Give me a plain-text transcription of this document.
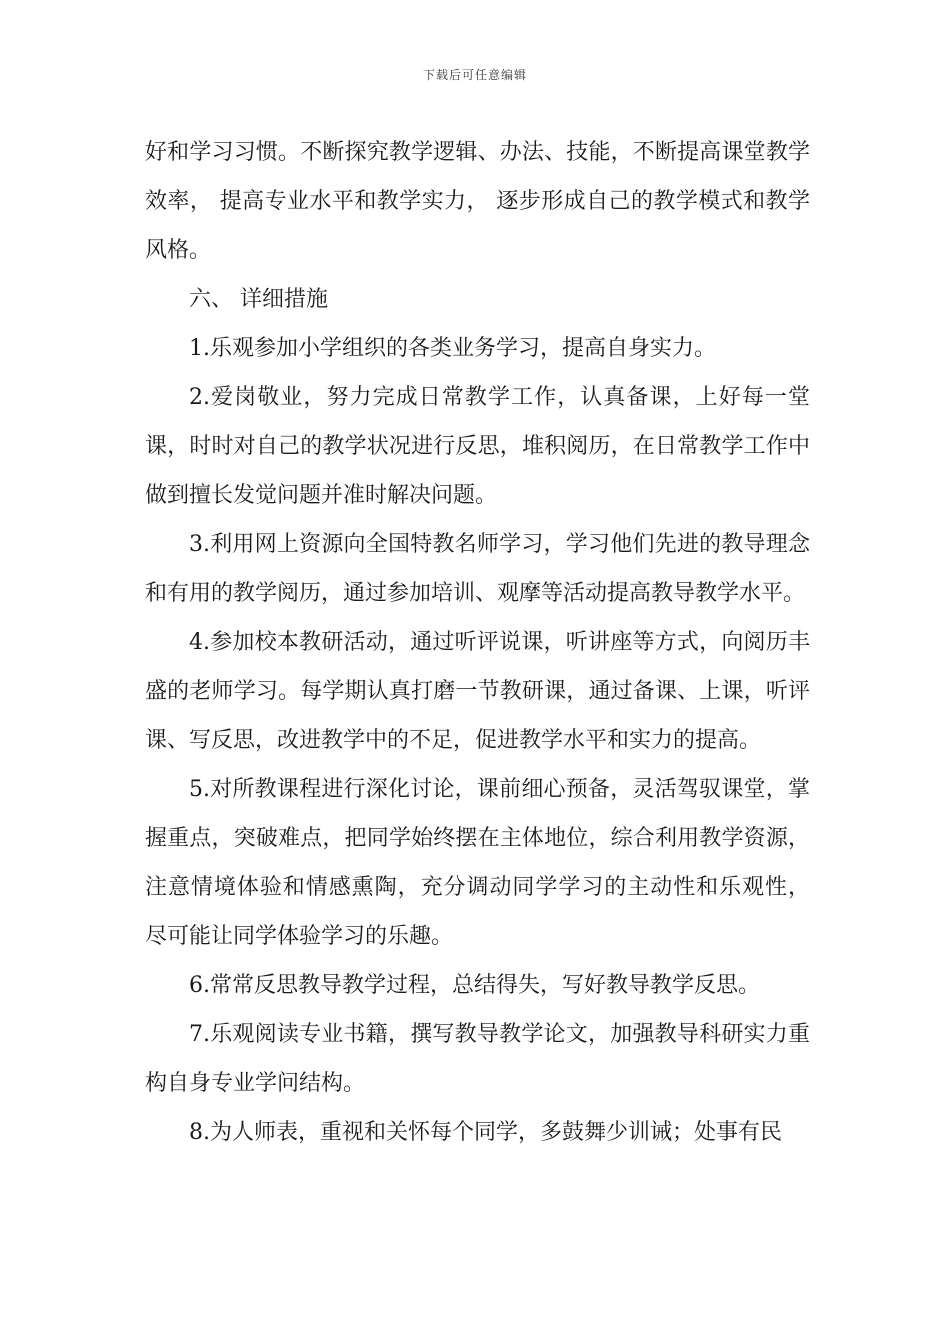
下载后可任意编辑

好和学习习惯。不断探究教学逻辑、办法、技能，不断提高课堂教学效率， 提高专业水平和教学实力， 逐步形成自己的教学模式和教学风格。

六、 详细措施

1.乐观参加小学组织的各类业务学习，提高自身实力。

2.爱岗敬业，努力完成日常教学工作，认真备课，上好每一堂课，时时对自己的教学状况进行反思，堆积阅历，在日常教学工作中做到擅长发觉问题并准时解决问题。

3.利用网上资源向全国特教名师学习，学习他们先进的教导理念和有用的教学阅历，通过参加培训、观摩等活动提高教导教学水平。

4.参加校本教研活动，通过听评说课，听讲座等方式，向阅历丰盛的老师学习。每学期认真打磨一节教研课，通过备课、上课，听评课、写反思，改进教学中的不足，促进教学水平和实力的提高。

5.对所教课程进行深化讨论，课前细心预备，灵活驾驭课堂，掌握重点，突破难点，把同学始终摆在主体地位，综合利用教学资源， 注意情境体验和情感熏陶，充分调动同学学习的主动性和乐观性， 尽可能让同学体验学习的乐趣。

6.常常反思教导教学过程，总结得失，写好教导教学反思。

7.乐观阅读专业书籍，撰写教导教学论文，加强教导科研实力重构自身专业学问结构。

8.为人师表，重视和关怀每个同学，多鼓舞少训诫；处事有民
